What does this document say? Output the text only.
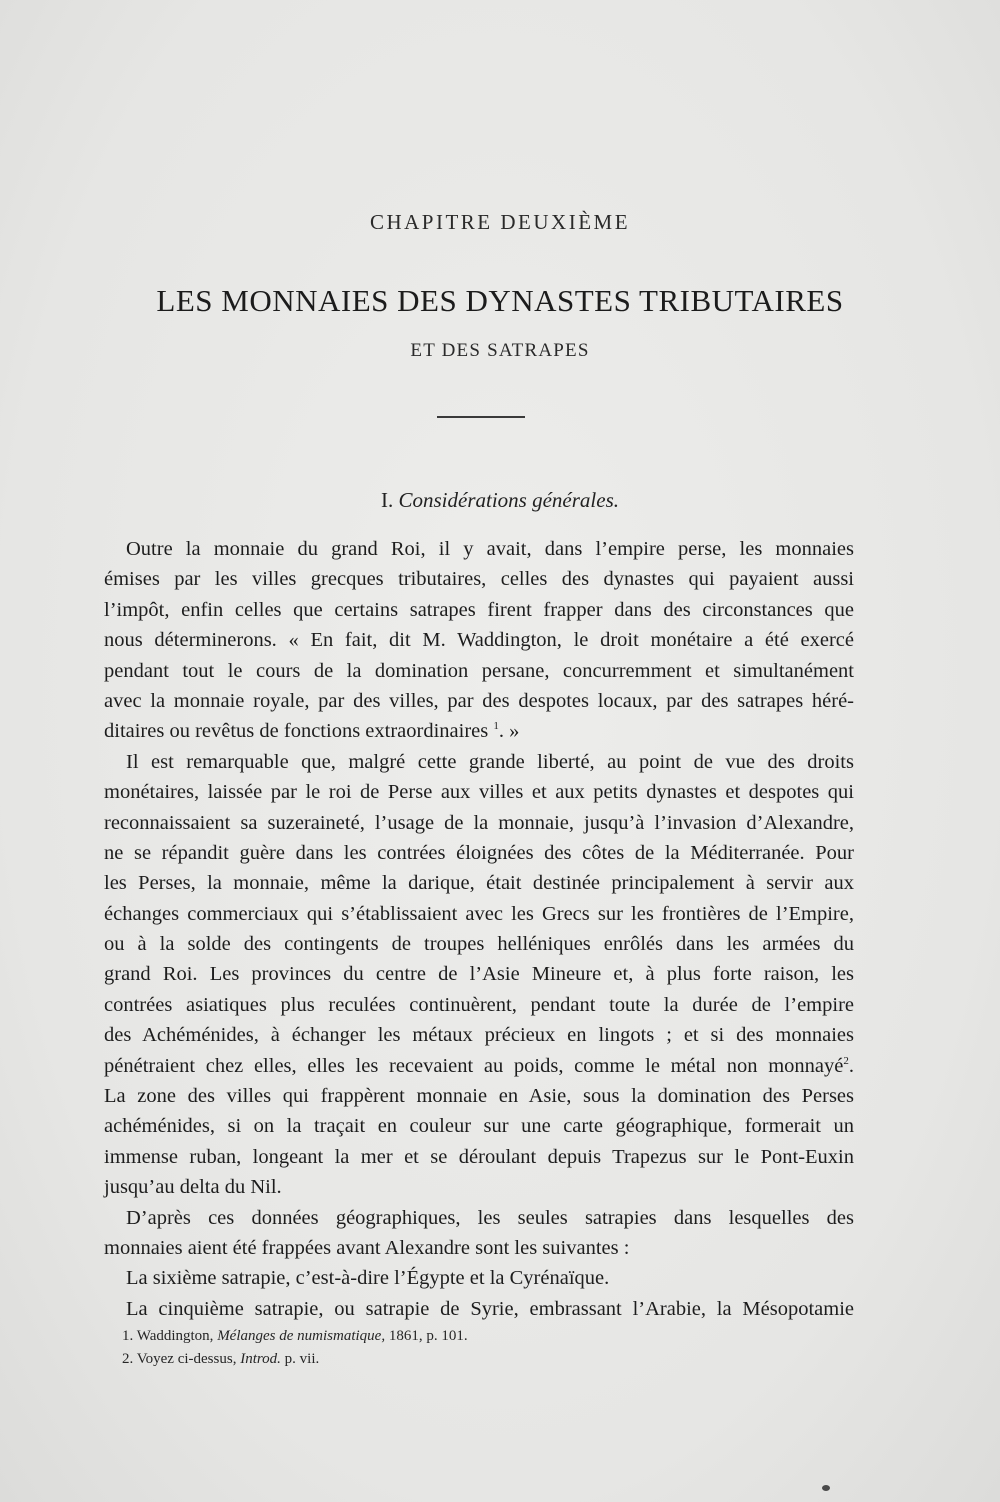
CHAPITRE DEUXIÈME
LES MONNAIES DES DYNASTES TRIBUTAIRES
ET DES SATRAPES
I. Considérations générales.
Outre la monnaie du grand Roi, il y avait, dans l’empire perse, les monnaies
émises par les villes grecques tributaires, celles des dynastes qui payaient aussi
l’impôt, enfin celles que certains satrapes firent frapper dans des circonstances que
nous déterminerons. « En fait, dit M. Waddington, le droit monétaire a été exercé
pendant tout le cours de la domination persane, concurremment et simultanément
avec la monnaie royale, par des villes, par des despotes locaux, par des satrapes héré-
ditaires ou revêtus de fonctions extraordinaires $^1$. »
Il est remarquable que, malgré cette grande liberté, au point de vue des droits
monétaires, laissée par le roi de Perse aux villes et aux petits dynastes et despotes qui
reconnaissaient sa suzeraineté, l’usage de la monnaie, jusqu’à l’invasion d’Alexandre,
ne se répandit guère dans les contrées éloignées des côtes de la Méditerranée. Pour
les Perses, la monnaie, même la darique, était destinée principalement à servir aux
échanges commerciaux qui s’établissaient avec les Grecs sur les frontières de l’Empire,
ou à la solde des contingents de troupes helléniques enrôlés dans les armées du
grand Roi. Les provinces du centre de l’Asie Mineure et, à plus forte raison, les
contrées asiatiques plus reculées continuèrent, pendant toute la durée de l’empire
des Achéménides, à échanger les métaux précieux en lingots ; et si des monnaies
pénétraient chez elles, elles les recevaient au poids, comme le métal non monnayé$^2$.
La zone des villes qui frappèrent monnaie en Asie, sous la domination des Perses
achéménides, si on la traçait en couleur sur une carte géographique, formerait un
immense ruban, longeant la mer et se déroulant depuis Trapezus sur le Pont-Euxin
jusqu’au delta du Nil.
D’après ces données géographiques, les seules satrapies dans lesquelles des
monnaies aient été frappées avant Alexandre sont les suivantes :
La sixième satrapie, c’est-à-dire l’Égypte et la Cyrénaïque.
La cinquième satrapie, ou satrapie de Syrie, embrassant l’Arabie, la Mésopotamie
1. Waddington, Mélanges de numismatique, 1861, p. 101.
2. Voyez ci-dessus, Introd. p. vii.
